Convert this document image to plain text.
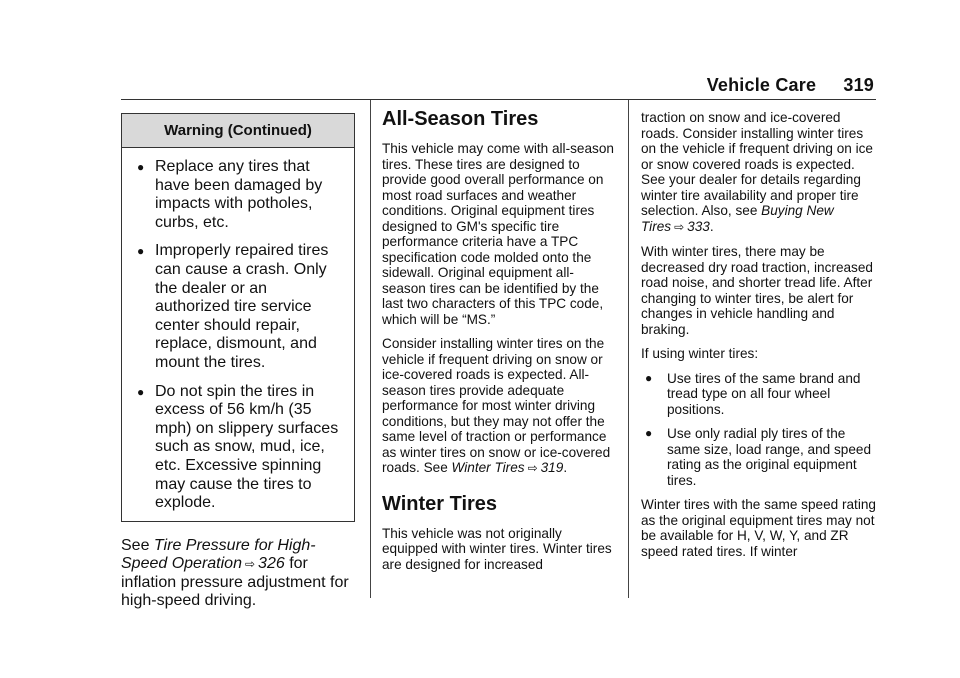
Vehicle Care 319
Warning (Continued)
● Replace any tires that have been damaged by impacts with potholes, curbs, etc.
● Improperly repaired tires can cause a crash. Only the dealer or an authorized tire service center should repair, replace, dismount, and mount the tires.
● Do not spin the tires in excess of 56 km/h (35 mph) on slippery surfaces such as snow, mud, ice, etc. Excessive spinning may cause the tires to explode.
See Tire Pressure for High-Speed Operation ⇨ 326 for inflation pressure adjustment for high-speed driving.
All-Season Tires

This vehicle may come with all-season tires. These tires are designed to provide good overall performance on most road surfaces and weather conditions. Original equipment tires designed to GM's specific tire performance criteria have a TPC specification code molded onto the sidewall. Original equipment all-season tires can be identified by the last two characters of this TPC code, which will be “MS.”

Consider installing winter tires on the vehicle if frequent driving on snow or ice-covered roads is expected. All-season tires provide adequate performance for most winter driving conditions, but they may not offer the same level of traction or performance as winter tires on snow or ice-covered roads. See Winter Tires ⇨ 319.

Winter Tires

This vehicle was not originally equipped with winter tires. Winter tires are designed for increased

traction on snow and ice-covered roads. Consider installing winter tires on the vehicle if frequent driving on ice or snow covered roads is expected. See your dealer for details regarding winter tire availability and proper tire selection. Also, see Buying New Tires ⇨ 333.

With winter tires, there may be decreased dry road traction, increased road noise, and shorter tread life. After changing to winter tires, be alert for changes in vehicle handling and braking.

If using winter tires:

●	Use tires of the same brand and tread type on all four wheel positions.
●	Use only radial ply tires of the same size, load range, and speed rating as the original equipment tires.

Winter tires with the same speed rating as the original equipment tires may not be available for H, V, W, Y, and ZR speed rated tires. If winter
